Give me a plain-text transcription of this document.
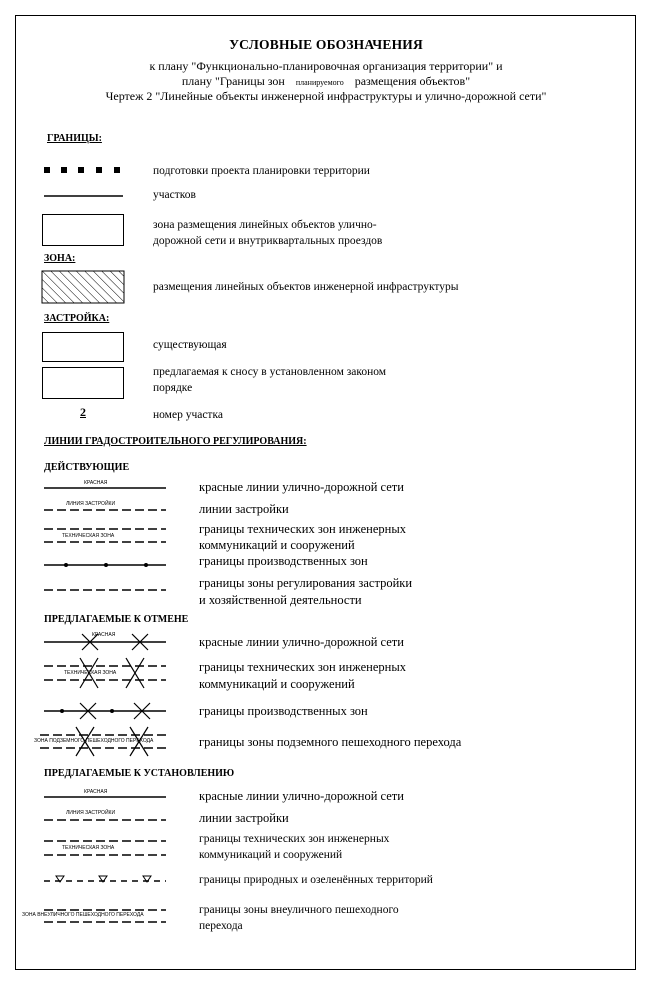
УСЛОВНЫЕ ОБОЗНАЧЕНИЯ
к плану "Функционально-планировочная организация территории" и
плану "Границы зон планируемого размещения объектов"
Чертеж 2 "Линейные объекты инженерной инфраструктуры и улично-дорожной сети"
ГРАНИЦЫ:
КРАСНАЯ
ЛИНИЯ ЗАСТРОЙКИ
ТЕХНИЧЕСКАЯ ЗОНА
КРАСНАЯ
ТЕХНИЧЕСКАЯ ЗОНА
ЗОНА ПОДЗЕМНОГО ПЕШЕХОДНОГО ПЕРЕХОДА
КРАСНАЯ
ЛИНИЯ ЗАСТРОЙКИ
ТЕХНИЧЕСКАЯ ЗОНА
ЗОНА ВНЕУЛИЧНОГО ПЕШЕХОДНОГО ПЕРЕХОДА
подготовки проекта планировки территории
участков
зона размещения линейных объектов улично-
дорожной сети и внутриквартальных проездов
ЗОНА:
размещения линейных объектов инженерной инфраструктуры
ЗАСТРОЙКА:
существующая
предлагаемая к сносу в установленном законом
порядке
2	номер участка
ЛИНИИ ГРАДОСТРОИТЕЛЬНОГО РЕГУЛИРОВАНИЯ:
ДЕЙСТВУЮЩИЕ
красные линии улично-дорожной сети
линии застройки
границы технических зон инженерных
коммуникаций и сооружений
границы производственных зон
границы зоны регулирования застройки
и хозяйственной деятельности
ПРЕДЛАГАЕМЫЕ К ОТМЕНЕ
красные линии улично-дорожной сети
границы технических зон инженерных
коммуникаций и сооружений
границы производственных зон
границы зоны подземного пешеходного перехода
ПРЕДЛАГАЕМЫЕ К УСТАНОВЛЕНИЮ
красные линии улично-дорожной сети
линии застройки
границы технических зон инженерных
коммуникаций и сооружений
границы природных и озеленённых территорий
границы зоны внеуличного пешеходного
перехода
